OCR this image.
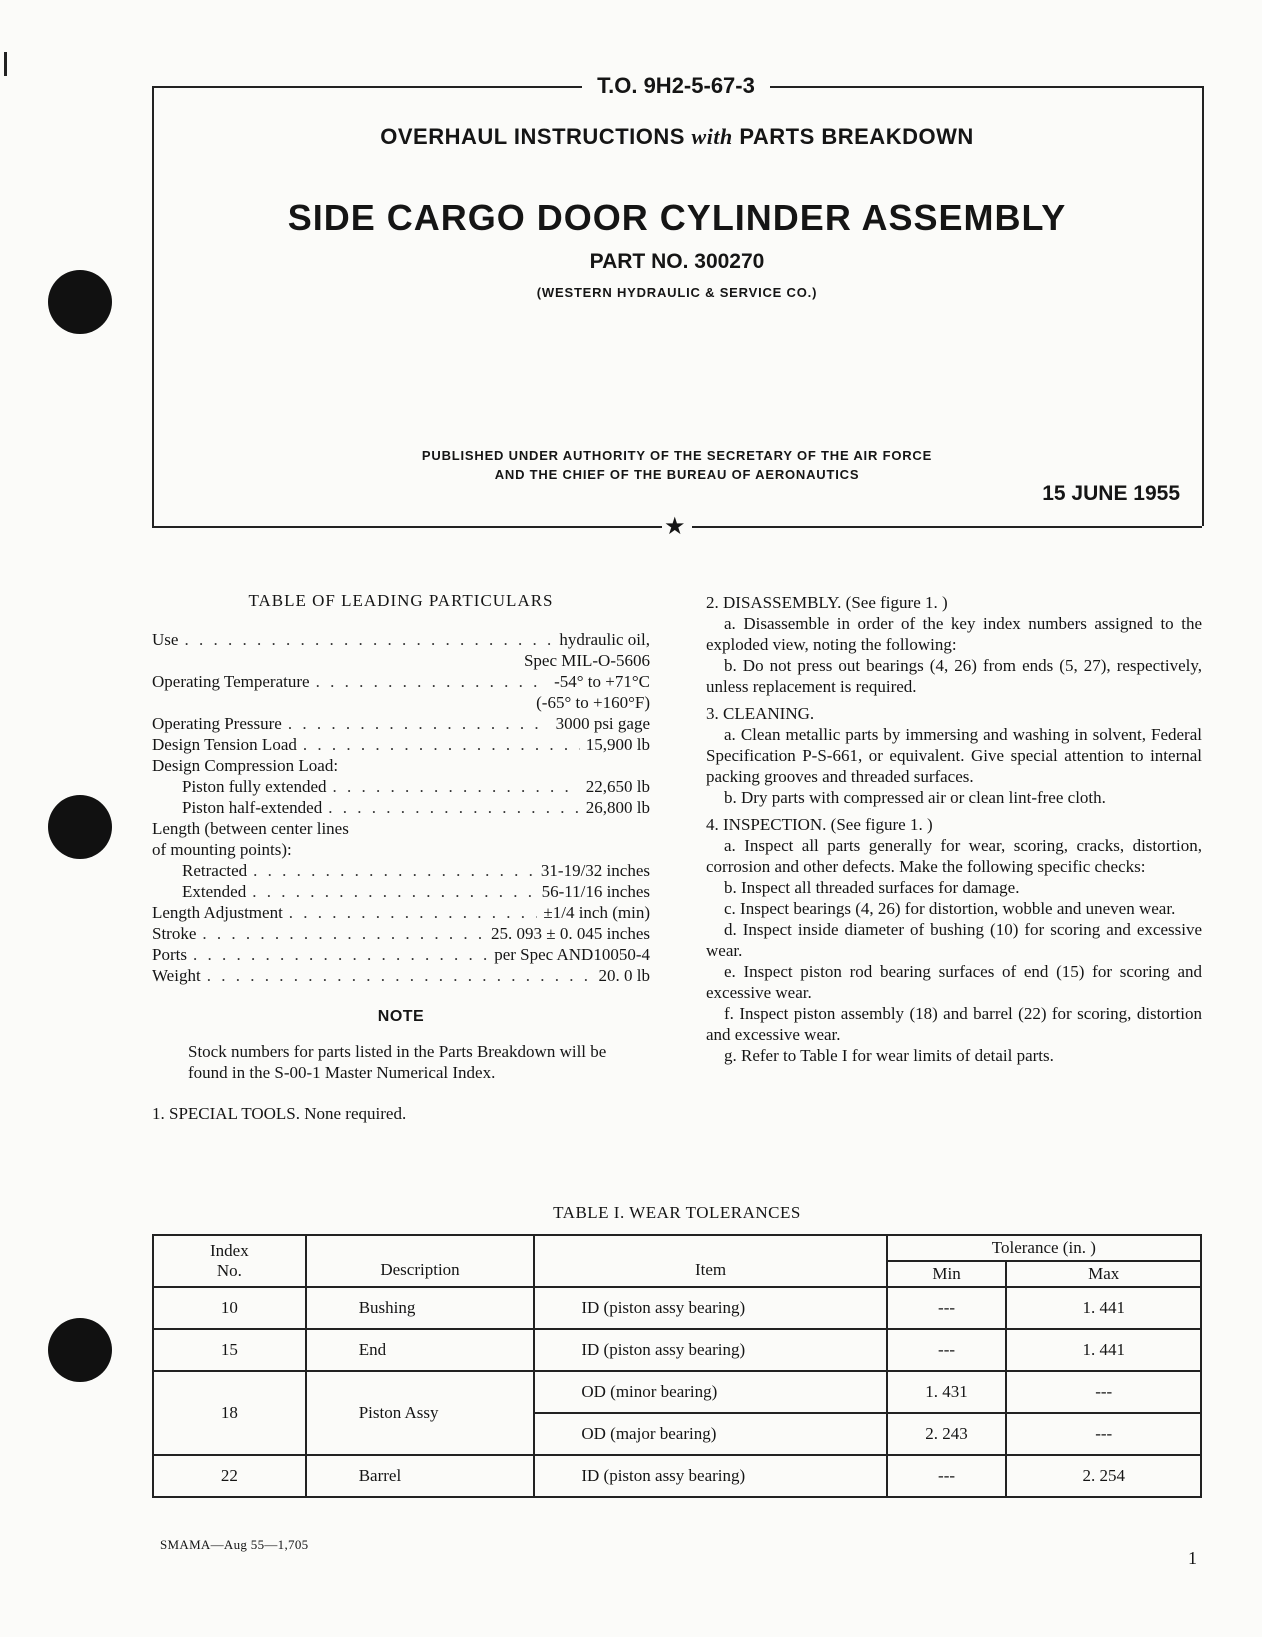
★
T.O. 9H2-5-67-3
OVERHAUL INSTRUCTIONS with PARTS BREAKDOWN
SIDE CARGO DOOR CYLINDER ASSEMBLY
PART NO. 300270
(WESTERN HYDRAULIC & SERVICE CO.)
PUBLISHED UNDER AUTHORITY OF THE SECRETARY OF THE AIR FORCE
AND THE CHIEF OF THE BUREAU OF AERONAUTICS
15 JUNE 1955
TABLE OF LEADING PARTICULARS
Use . . .	hydraulic oil,
Spec MIL-O-5606
Operating Temperature . . .	-54° to +71°C
(-65° to +160°F)
Operating Pressure . . .	3000 psi gage
Design Tension Load . . .	15,900 lb
Design Compression Load:
Piston fully extended . . .	22,650 lb
Piston half-extended . . .	26,800 lb
Length (between center lines
of mounting points):
Retracted . . .	31-19/32 inches
Extended . . .	56-11/16 inches
Length Adjustment . . .	±1/4 inch (min)
Stroke . . .	25. 093 ± 0. 045 inches
Ports . . .	per Spec AND10050-4
Weight . . .	20. 0 lb
NOTE
Stock numbers for parts listed in the Parts Breakdown will be found in the S-00-1 Master Numerical Index.
1. SPECIAL TOOLS. None required.

2. DISASSEMBLY. (See figure 1. )

a. Disassemble in order of the key index numbers assigned to the exploded view, noting the following:

b. Do not press out bearings (4, 26) from ends (5, 27), respectively, unless replacement is required.

3. CLEANING.

a. Clean metallic parts by immersing and washing in solvent, Federal Specification P-S-661, or equivalent. Give special attention to internal packing grooves and threaded surfaces.

b. Dry parts with compressed air or clean lint-free cloth.

4. INSPECTION. (See figure 1. )

a. Inspect all parts generally for wear, scoring, cracks, distortion, corrosion and other defects. Make the following specific checks:

b. Inspect all threaded surfaces for damage.

c. Inspect bearings (4, 26) for distortion, wobble and uneven wear.

d. Inspect inside diameter of bushing (10) for scoring and excessive wear.

e. Inspect piston rod bearing surfaces of end (15) for scoring and excessive wear.

f. Inspect piston assembly (18) and barrel (22) for scoring, distortion and excessive wear.

g. Refer to Table I for wear limits of detail parts.

TABLE I. WEAR TOLERANCES
Index
No.	Description	Item	Tolerance (in. )	
			Min	Max
10	Bushing	ID (piston assy bearing)	---	1. 441
15	End	ID (piston assy bearing)	---	1. 441
18	Piston Assy	OD (minor bearing)	1. 431	---
		OD (major bearing)	2. 243	---
22	Barrel	ID (piston assy bearing)	---	2. 254
SMAMA—Aug 55—1,705
1
